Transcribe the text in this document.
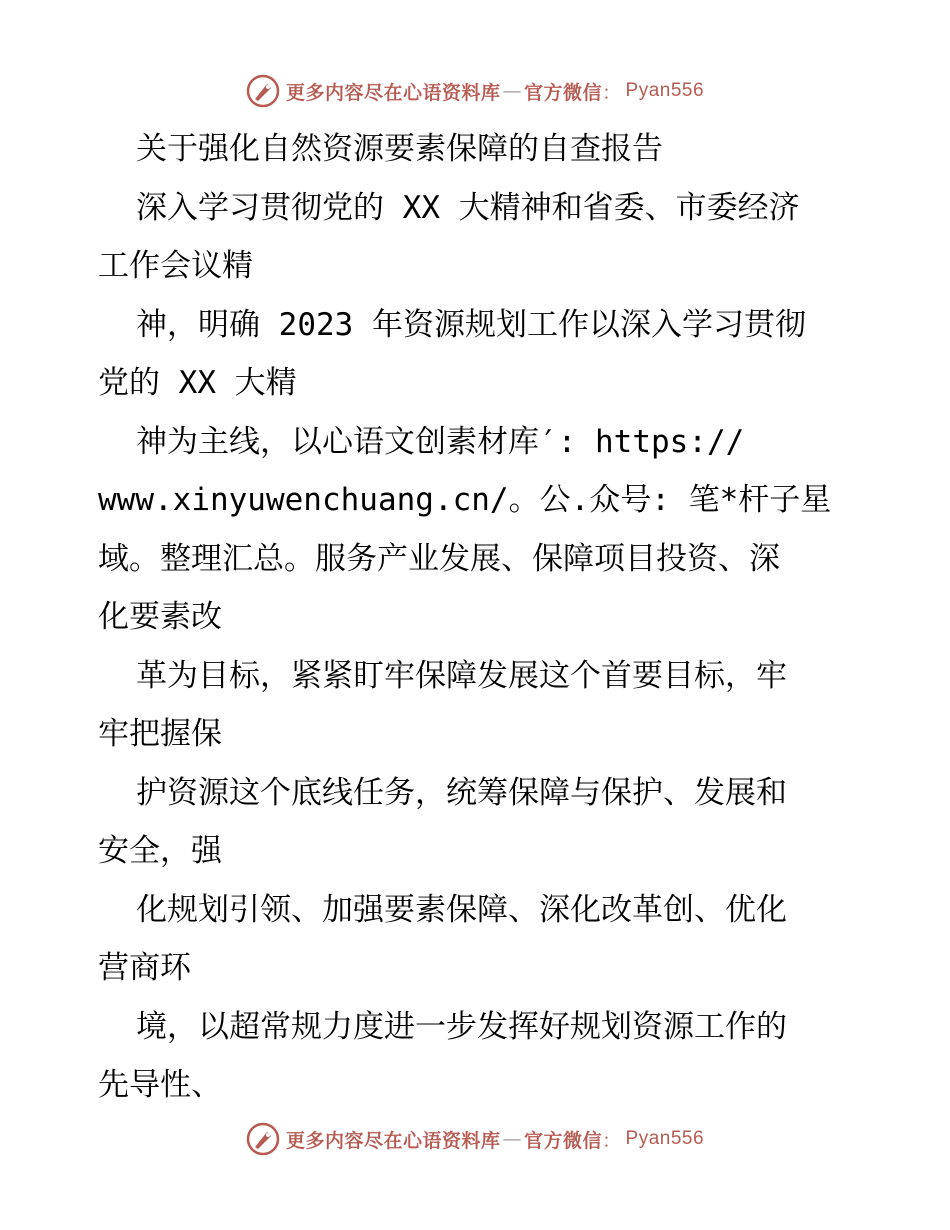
更多内容尽在心语资料库 — 官方微信 ： Pyan556
关于强化自然资源要素保障的自查报告
深入学习贯彻党的 XX 大精神和省委、市委经济
工作会议精
神，明确 2023 年资源规划工作以深入学习贯彻
党的 XX 大精
神为主线，以心语文创素材库′: https://
www.xinyuwenchuang.cn/。公.众号: 笔*杆子星
域。整理汇总。服务产业发展、保障项目投资、深
化要素改
革为目标，紧紧盯牢保障发展这个首要目标，牢
牢把握保
护资源这个底线任务，统筹保障与保护、发展和
安全，强
化规划引领、加强要素保障、深化改革创、优化
营商环
境，以超常规力度进一步发挥好规划资源工作的
先导性、
更多内容尽在心语资料库 — 官方微信 ： Pyan556
